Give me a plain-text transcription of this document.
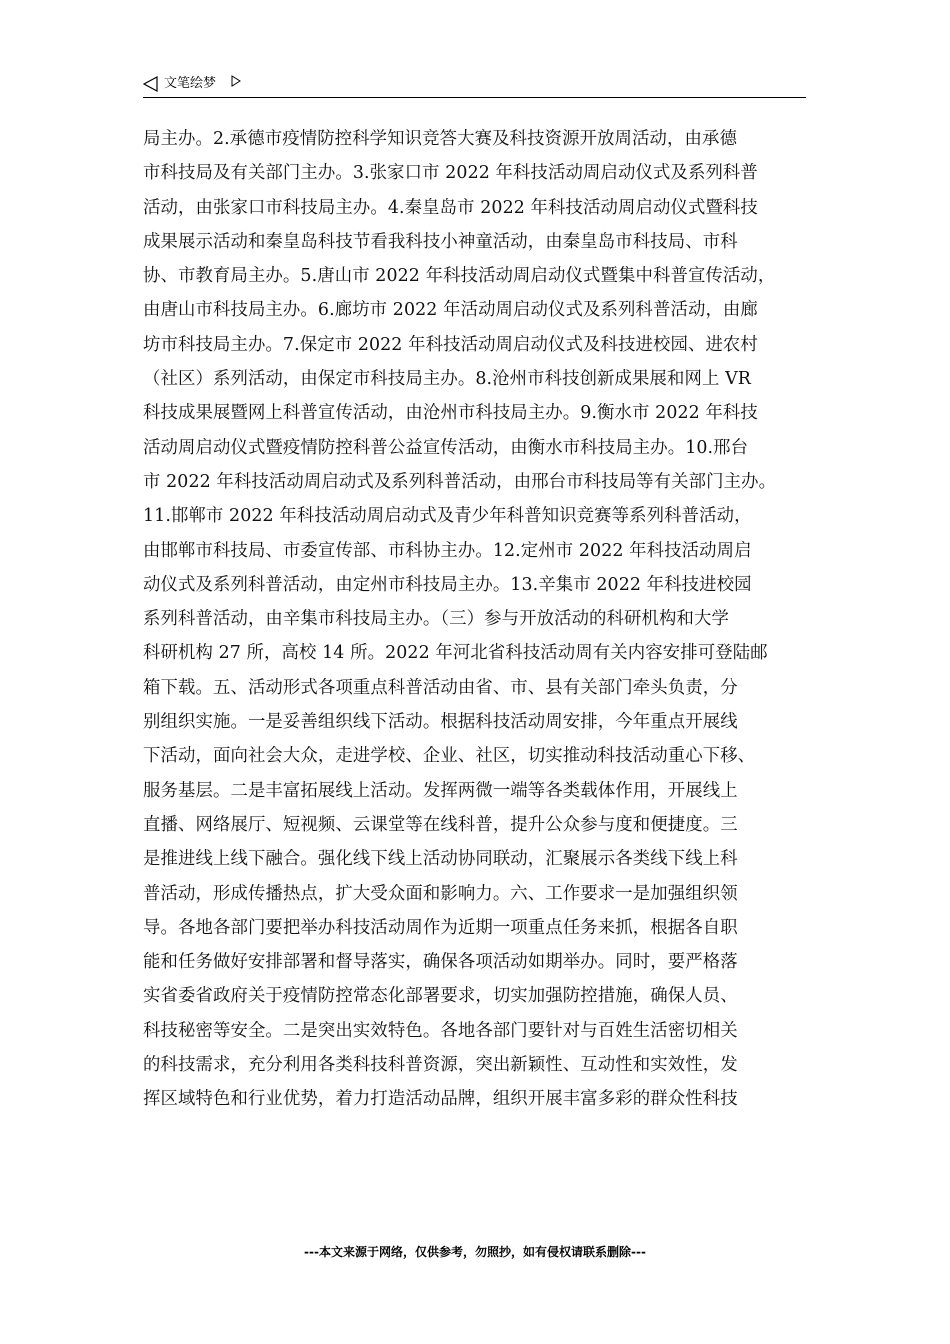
文笔绘梦
局主办。2.承德市疫情防控科学知识竞答大赛及科技资源开放周活动，由承德
市科技局及有关部门主办。3.张家口市 2022 年科技活动周启动仪式及系列科普
活动，由张家口市科技局主办。4.秦皇岛市 2022 年科技活动周启动仪式暨科技
成果展示活动和秦皇岛科技节看我科技小神童活动，由秦皇岛市科技局、市科
协、市教育局主办。5.唐山市 2022 年科技活动周启动仪式暨集中科普宣传活动，
由唐山市科技局主办。6.廊坊市 2022 年活动周启动仪式及系列科普活动，由廊
坊市科技局主办。7.保定市 2022 年科技活动周启动仪式及科技进校园、进农村
（社区）系列活动，由保定市科技局主办。8.沧州市科技创新成果展和网上 VR
科技成果展暨网上科普宣传活动，由沧州市科技局主办。9.衡水市 2022 年科技
活动周启动仪式暨疫情防控科普公益宣传活动，由衡水市科技局主办。10.邢台
市 2022 年科技活动周启动式及系列科普活动，由邢台市科技局等有关部门主办。
11.邯郸市 2022 年科技活动周启动式及青少年科普知识竞赛等系列科普活动，
由邯郸市科技局、市委宣传部、市科协主办。12.定州市 2022 年科技活动周启
动仪式及系列科普活动，由定州市科技局主办。13.辛集市 2022 年科技进校园
系列科普活动，由辛集市科技局主办。（三）参与开放活动的科研机构和大学
科研机构 27 所，高校 14 所。2022 年河北省科技活动周有关内容安排可登陆邮
箱下载。五、活动形式各项重点科普活动由省、市、县有关部门牵头负责，分
别组织实施。一是妥善组织线下活动。根据科技活动周安排，今年重点开展线
下活动，面向社会大众，走进学校、企业、社区，切实推动科技活动重心下移、
服务基层。二是丰富拓展线上活动。发挥两微一端等各类载体作用，开展线上
直播、网络展厅、短视频、云课堂等在线科普，提升公众参与度和便捷度。三
是推进线上线下融合。强化线下线上活动协同联动，汇聚展示各类线下线上科
普活动，形成传播热点，扩大受众面和影响力。六、工作要求一是加强组织领
导。各地各部门要把举办科技活动周作为近期一项重点任务来抓，根据各自职
能和任务做好安排部署和督导落实，确保各项活动如期举办。同时，要严格落
实省委省政府关于疫情防控常态化部署要求，切实加强防控措施，确保人员、
科技秘密等安全。二是突出实效特色。各地各部门要针对与百姓生活密切相关
的科技需求，充分利用各类科技科普资源，突出新颖性、互动性和实效性，发
挥区域特色和行业优势，着力打造活动品牌，组织开展丰富多彩的群众性科技
---本文来源于网络，仅供参考，勿照抄，如有侵权请联系删除---
